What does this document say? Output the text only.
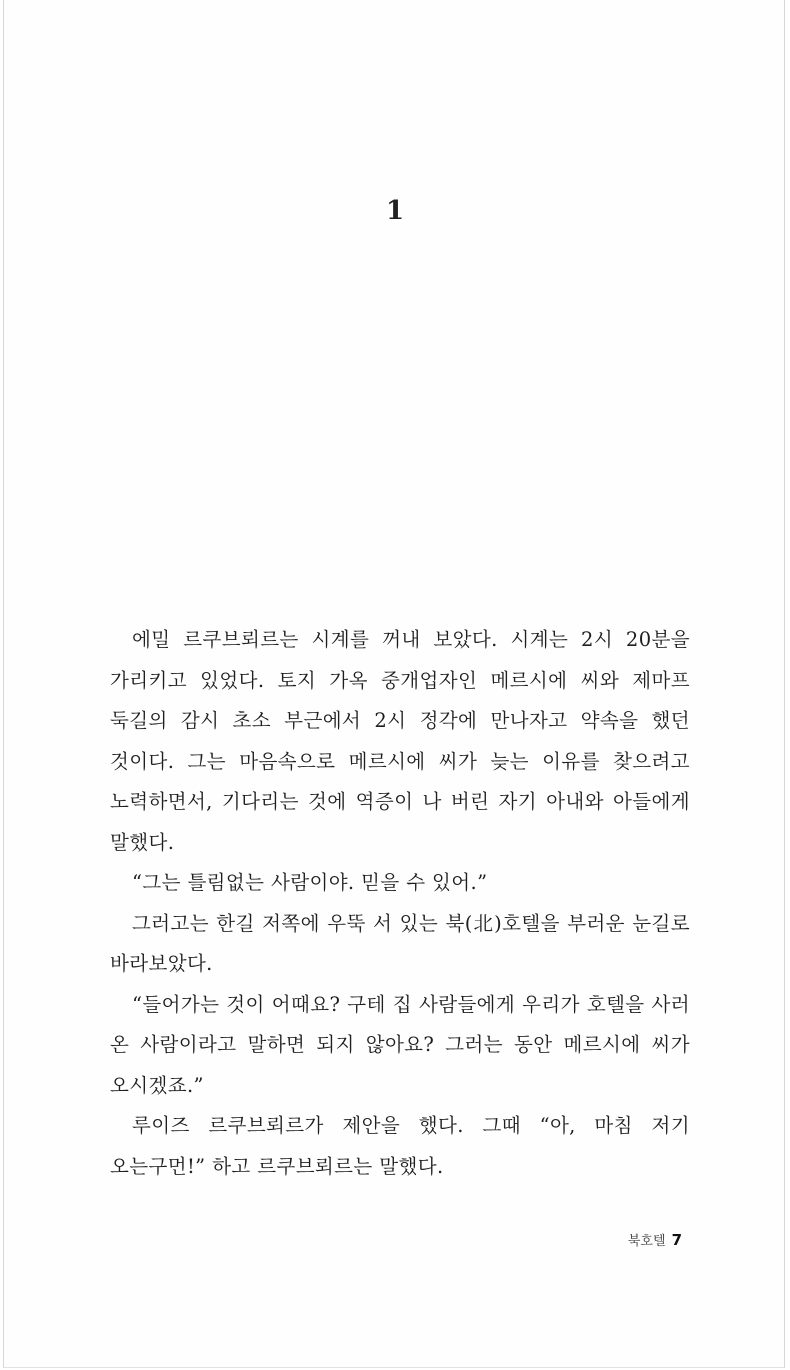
1

에밀 르쿠브뢰르는 시계를 꺼내 보았다. 시계는 2시 20분을 가리키고 있었다. 토지 가옥 중개업자인 메르시에 씨와 제마프 둑길의 감시 초소 부근에서 2시 정각에 만나자고 약속을 했던 것이다. 그는 마음속으로 메르시에 씨가 늦는 이유를 찾으려고 노력하면서, 기다리는 것에 역증이 나 버린 자기 아내와 아들에게 말했다.

“그는 틀림없는 사람이야. 믿을 수 있어.”

그러고는 한길 저쪽에 우뚝 서 있는 북(北)호텔을 부러운 눈길로 바라보았다.

“들어가는 것이 어때요? 구테 집 사람들에게 우리가 호텔을 사러 온 사람이라고 말하면 되지 않아요? 그러는 동안 메르시에 씨가 오시겠죠.”

루이즈 르쿠브뢰르가 제안을 했다. 그때 “아, 마침 저기 오는구먼!” 하고 르쿠브뢰르는 말했다.

북호텔 7
